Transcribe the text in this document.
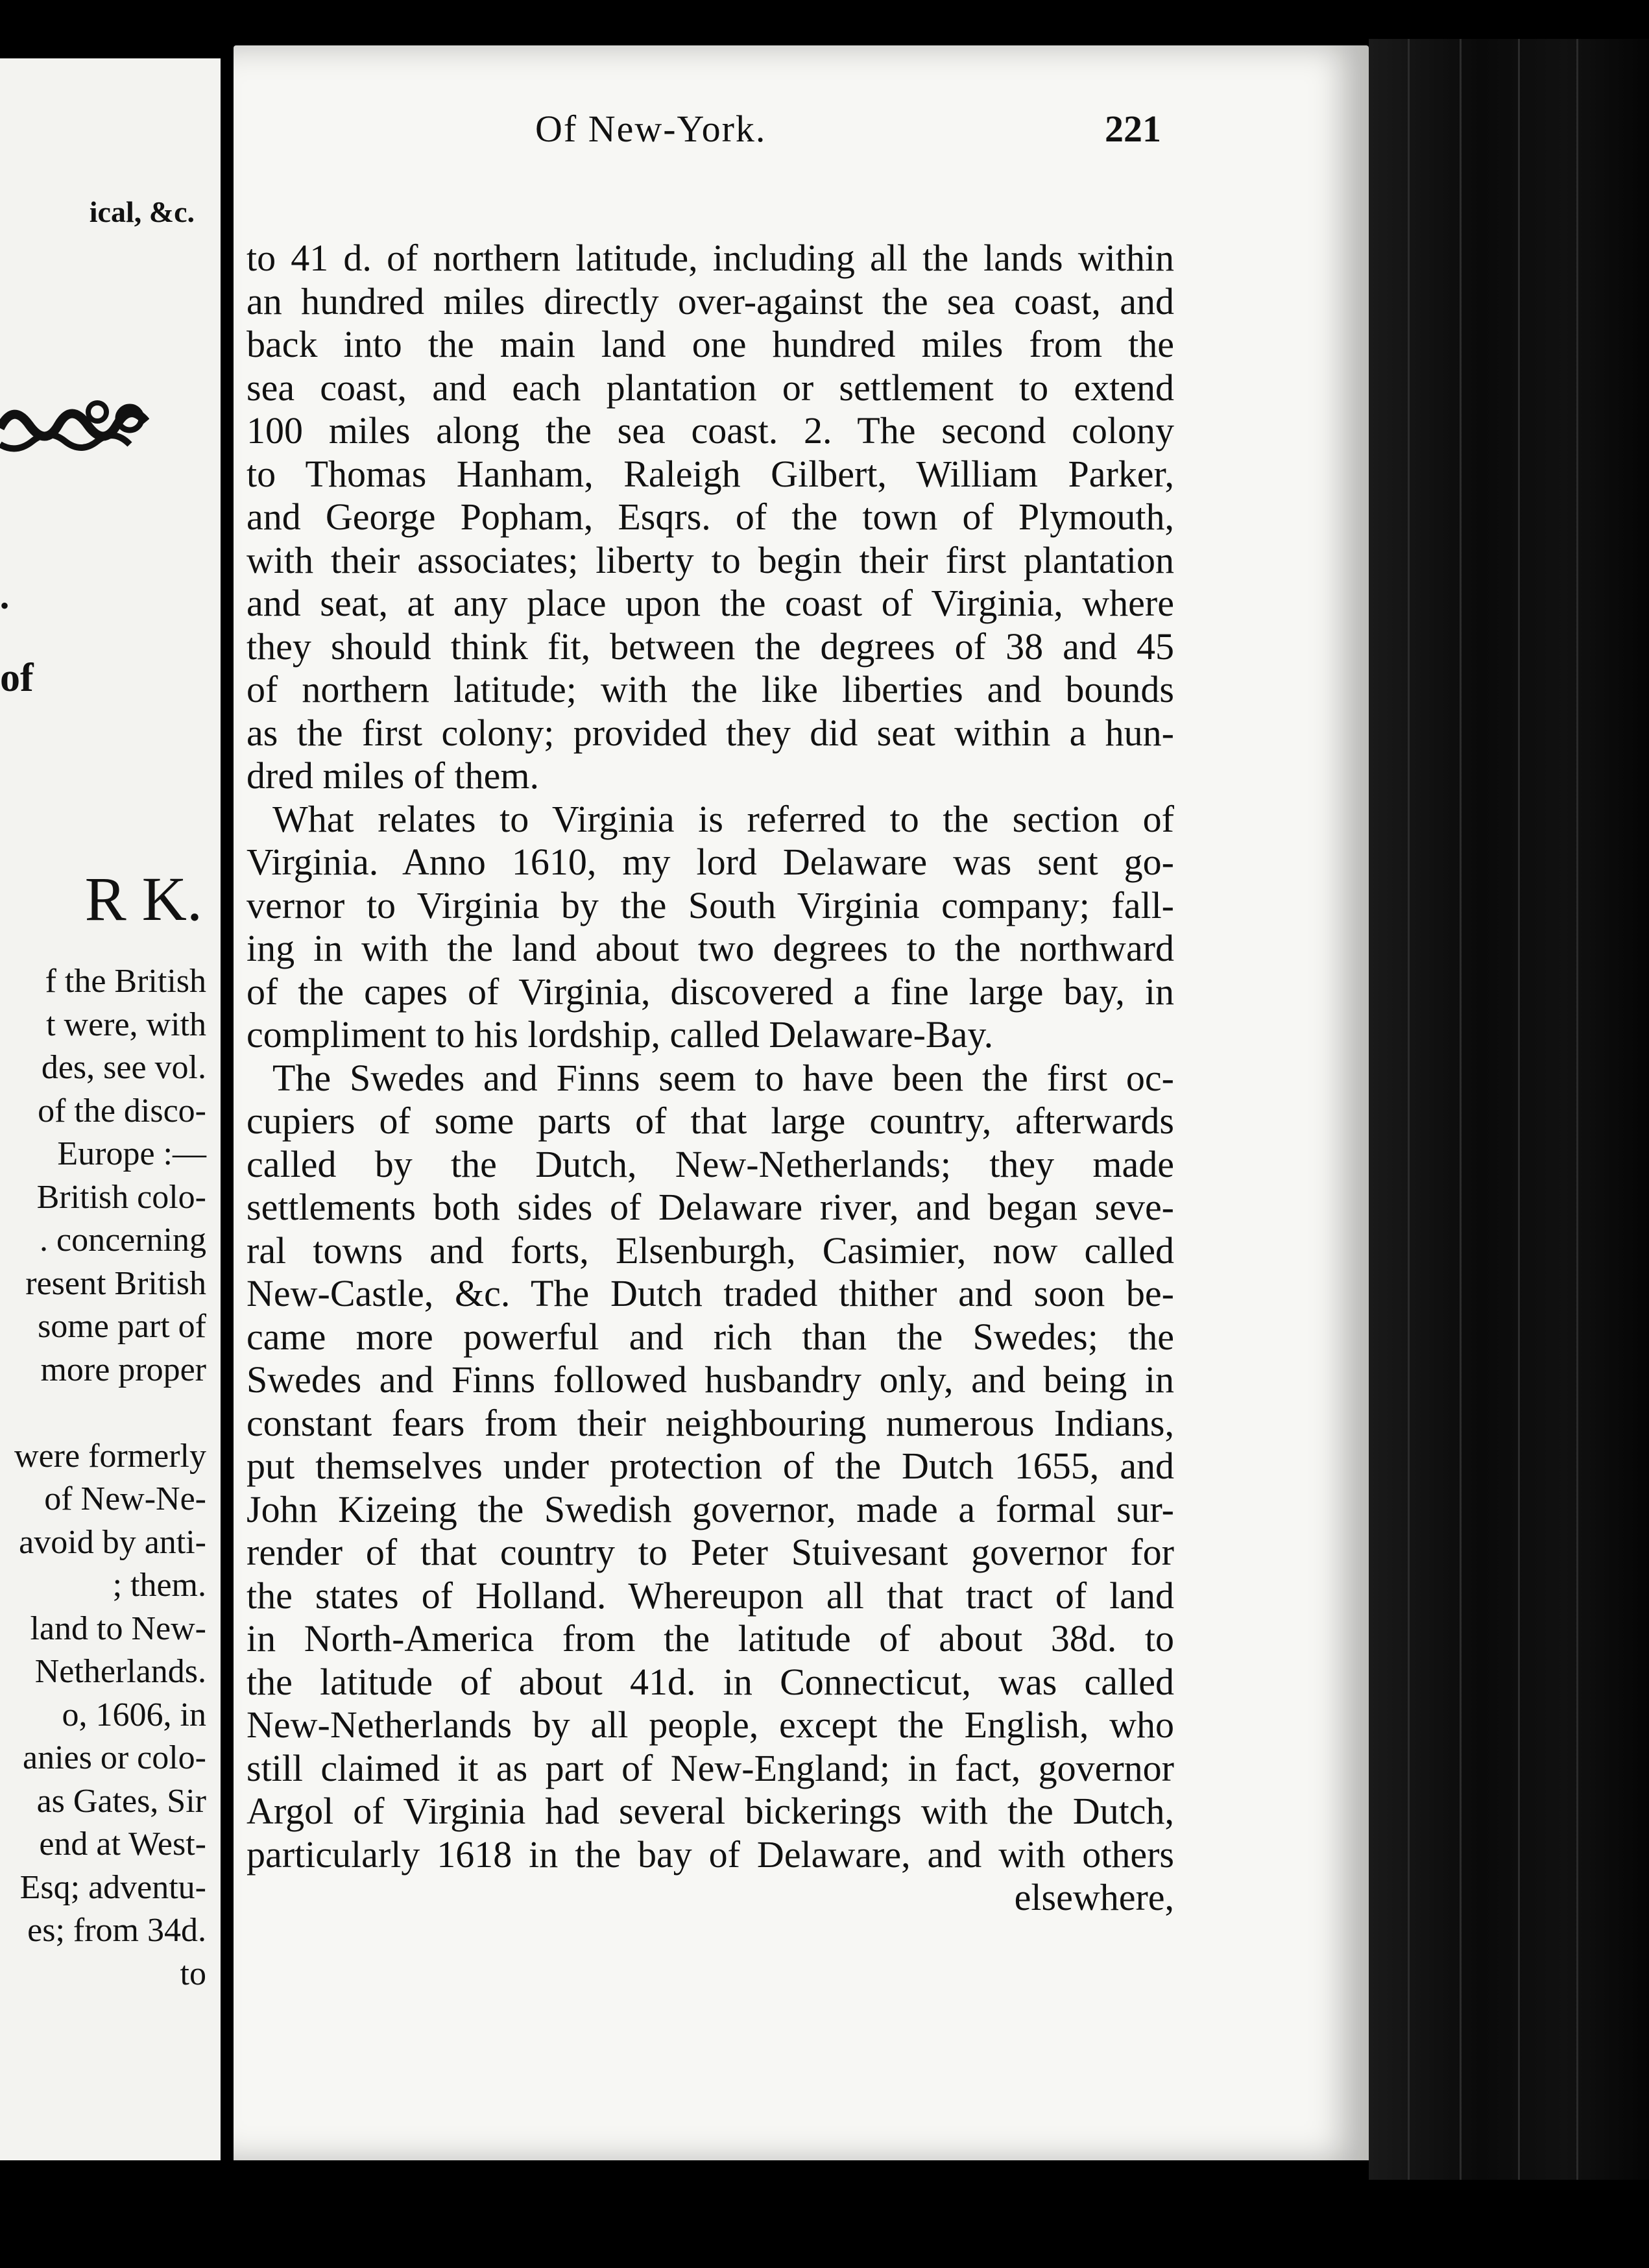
ical, &c.
•
of
R K.
f the British
t were, with
des, see vol.
of the disco-
Europe :—
British colo-
. concerning
resent British
some part of
more proper
were formerly
of New-Ne-
avoid by anti-
; them.
land to New-
Netherlands.
o, 1606, in
anies or colo-
as Gates, Sir
end at West-
Esq; adventu-
es; from 34d.
to
to 41 d. of northern latitude, including all the lands within
an hundred miles directly over-against the sea coast, and
back into the main land one hundred miles from the
sea coast, and each plantation or settlement to extend
100 miles along the sea coast. 2. The second colony
to Thomas Hanham, Raleigh Gilbert, William Parker,
and George Popham, Esqrs. of the town of Plymouth,
with their associates; liberty to begin their first plantation
and seat, at any place upon the coast of Virginia, where
they should think fit, between the degrees of 38 and 45
of northern latitude; with the like liberties and bounds
as the first colony; provided they did seat within a hun-
dred miles of them.
What relates to Virginia is referred to the section of
Virginia. Anno 1610, my lord Delaware was sent go-
vernor to Virginia by the South Virginia company; fall-
ing in with the land about two degrees to the northward
of the capes of Virginia, discovered a fine large bay, in
compliment to his lordship, called Delaware-Bay.
The Swedes and Finns seem to have been the first oc-
cupiers of some parts of that large country, afterwards
called by the Dutch, New-Netherlands; they made
settlements both sides of Delaware river, and began seve-
ral towns and forts, Elsenburgh, Casimier, now called
New-Castle, &c. The Dutch traded thither and soon be-
came more powerful and rich than the Swedes; the
Swedes and Finns followed husbandry only, and being in
constant fears from their neighbouring numerous Indians,
put themselves under protection of the Dutch 1655, and
John Kizeing the Swedish governor, made a formal sur-
render of that country to Peter Stuivesant governor for
the states of Holland. Whereupon all that tract of land
in North-America from the latitude of about 38d. to
the latitude of about 41d. in Connecticut, was called
New-Netherlands by all people, except the English, who
still claimed it as part of New-England; in fact, governor
Argol of Virginia had several bickerings with the Dutch,
particularly 1618 in the bay of Delaware, and with others
elsewhere,
Of New-York.	221
